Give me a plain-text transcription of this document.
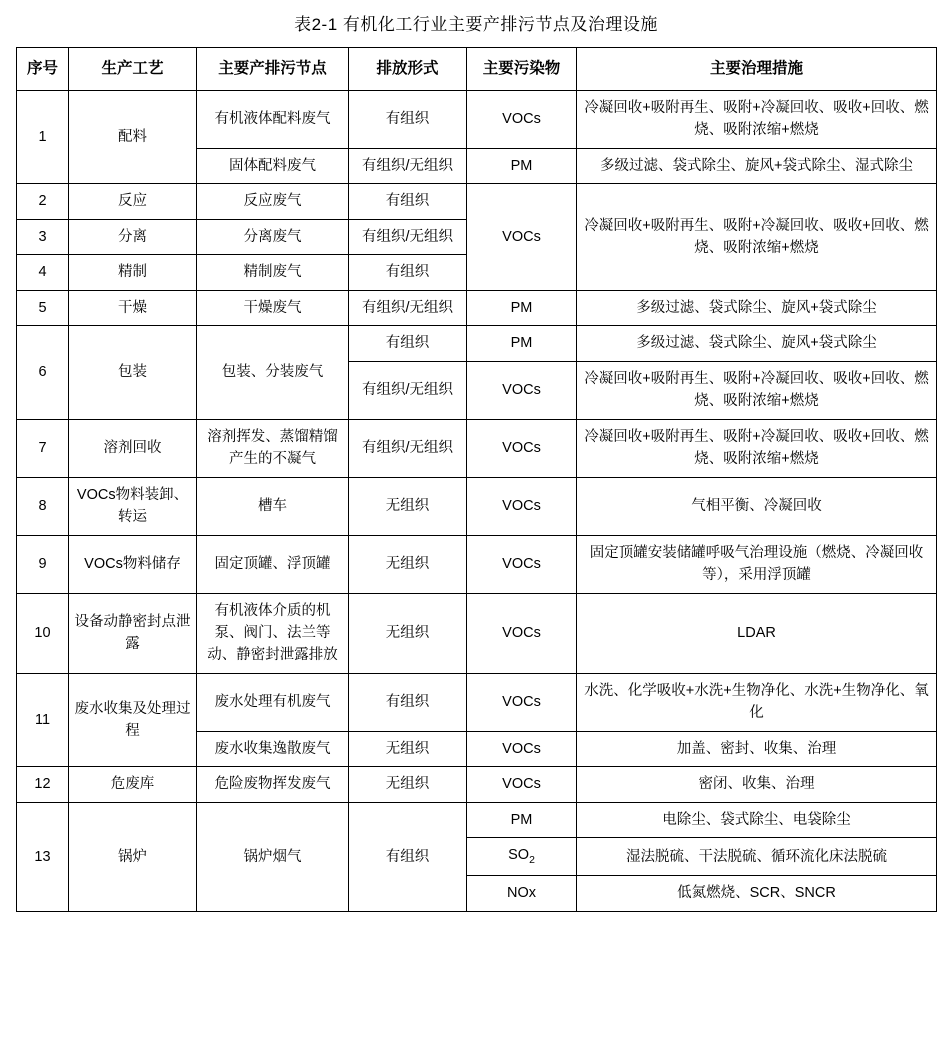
表2-1 有机化工行业主要产排污节点及治理设施
序号	生产工艺	主要产排污节点	排放形式	主要污染物	主要治理措施
1	配料	有机液体配料废气	有组织	VOCs	冷凝回收+吸附再生、吸附+冷凝回收、吸收+回收、燃烧、吸附浓缩+燃烧
		固体配料废气	有组织/无组织	PM	多级过滤、袋式除尘、旋风+袋式除尘、湿式除尘
2	反应	反应废气	有组织	VOCs	冷凝回收+吸附再生、吸附+冷凝回收、吸收+回收、燃烧、吸附浓缩+燃烧
3	分离	分离废气	有组织/无组织		
4	精制	精制废气	有组织		
5	干燥	干燥废气	有组织/无组织	PM	多级过滤、袋式除尘、旋风+袋式除尘
6	包装	包装、分装废气	有组织	PM	多级过滤、袋式除尘、旋风+袋式除尘
			有组织/无组织	VOCs	冷凝回收+吸附再生、吸附+冷凝回收、吸收+回收、燃烧、吸附浓缩+燃烧
7	溶剂回收	溶剂挥发、蒸馏精馏产生的不凝气	有组织/无组织	VOCs	冷凝回收+吸附再生、吸附+冷凝回收、吸收+回收、燃烧、吸附浓缩+燃烧
8	VOCs物料装卸、转运	槽车	无组织	VOCs	气相平衡、冷凝回收
9	VOCs物料储存	固定顶罐、浮顶罐	无组织	VOCs	固定顶罐安装储罐呼吸气治理设施（燃烧、冷凝回收等），采用浮顶罐
10	设备动静密封点泄露	有机液体介质的机泵、阀门、法兰等动、静密封泄露排放	无组织	VOCs	LDAR
11	废水收集及处理过程	废水处理有机废气	有组织	VOCs	水洗、化学吸收+水洗+生物净化、水洗+生物净化、氧化
		废水收集逸散废气	无组织	VOCs	加盖、密封、收集、治理
12	危废库	危险废物挥发废气	无组织	VOCs	密闭、收集、治理
13	锅炉	锅炉烟气	有组织	PM	电除尘、袋式除尘、电袋除尘
				$SO_2$	湿法脱硫、干法脱硫、循环流化床法脱硫
				NOx	低氮燃烧、SCR、SNCR
